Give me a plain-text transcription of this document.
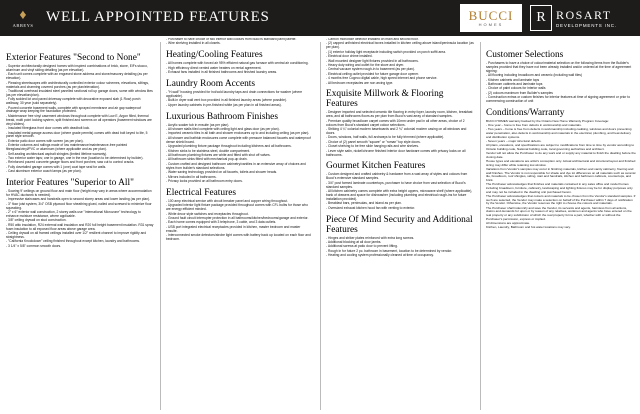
♦
ABBEYS WELL APPOINTED FEATURES	BUCCI
HOMES	R ROSART
DEVELOPMENTS INC.
Exterior Features "Second to None"
- Superior architecturally designed homes with inspired combinations of brick, stone, EIFs stucco, aluminum and vinyl siding detailing (as per elevation).
- Each unit comes complete with an engraved stone address and stone/masonry detailing (as per elevation).
- Pleasing streetscapes with architecturally controlled exterior colour schemes, elevations, siltings, materials and charming covered porches (as per plan/elevation).
- Traditional overhead insulated steel panelled sectional roll up garage doors, some with window lites (as per elevation/plan).
- Fully sodded lot and paved driveway complete with decorative exposed slab (1 Row) porch walkway, 30 year (sold separately).
- Poured concrete basement walls, complete with sprayed membrane and air gap waterproof drainage wrap keeping the foundation protected.
- Maintenance free vinyl casement windows throughout complete with Low E, Argon filled, thermal break, multi point locking system, split finished and screens on all operators (basement windows are vinyl sliders).
- Insulated fibreglass front door comes with deadbolt lock.
- Insulated metal garage access door (where grade permits) comes with dead bolt keyed to lite, 5 panel style smooth.
- Exterior patio door comes with screen (as per plan).
- Exterior columns and railings made of low maintenance/maintenance-free painted fibreglass/vinyl/PVC or aluminum (where applicable and as per plan).
- Self-sealing architectural asphalt shingles (limited lifetime warranty).
- Two exterior water taps; one in garage, one in the rear (location to be determined by builder).
- Reinforced poured concrete garage floors and front porches; saw cut to control cracks.
- Fully dovetailed garage comes with 1 (one) coat tape seal for walls.
- Cast aluminum exterior coach lamps (as per plan).
Interior Features "Superior to All"
- Soaring 9' ceilings on ground floor and main floor (height may vary in areas where accommodation for HVAC ductwork is needed).
- Impressive staircases and handrails open to second storey areas and lower landing (as per plan).
- 3" floor joist system, 3/4" OSB plywood floor sheathing glued, nailed and screwed to minimize floor squeaking.
- 2" x 6" exterior wall construction, 2 storey walls use "International Microzone" technology to enhance moisture resistance, where applicable.
- 3/8" ceiling drywall on stud construction.
- R50 attic insulation, R24 external wall insulation and R20 full height basement insulation. R31 spray foam insulation to all exposed floor areas above garage area.
- Ceiling drywall on all framed ceilings installed over 1/2" resilient channel to improve rigidity and straightness.
- "California Knockdown" ceiling finished throughout except kitchen, laundry and bathrooms.
- 3 1/4" x 5/8" common smooth doors.
- Purchaser to have choice of two interior wall colours from Bucci's standard paint palette.
- Wire shelving installed in all closets.
Heating/Cooling Features
- All homes complete with forced air 95% efficient natural gas furnace with central air conditioning.
- High efficiency direct vented water heaters on rental agreement.
- Exhaust fans installed in all finished bathrooms and finished laundry areas.
Laundry Room Accents
- "H-wall" housing provided for hot/cold laundry taps and drain connections for washer (where applicable).
- Built-in dryer wall vent box provided in all finished laundry areas (where possible).
- Upper laundry cabinets in pre-finished white (as per plan in all finished areas).
Luxurious Bathroom Finishes
- Acrylic soaker tub in ensuite (as per plan).
- All shower stalls tiled complete with ceiling light and glass door (as per plan).
- Imported ceramic tiles in all bath and shower enclosures up to and including ceiling (as per plan).
- All shower and bathtub enclosures come complete with pressure balanced faucets and waterproof dense shield board.
- Upgraded plumbing fixture package throughout including kitchens and all bathrooms.
- Kitchen sinks to be stainless steel, double compartment.
- All bathroom plumbing fixtures are white and fitted with shut off valves.
- All bathroom sinks fitted with mechanical pop-up drain.
- Custom crafted and designed bathroom cabinetry/vanities in an extensive array of choices and styles from builder's standard selections.
- Water saving technology provided on all faucets, toilets and shower heads.
- Mirrors included in all bathrooms.
- Privacy locks provided on all bathroom entry doors.
Electrical Features
- 100 amp electrical service with circuit breaker panel and copper wiring throughout.
- Upgraded interior light fixture package provided throughout comes with CFL bulbs for those who are energy efficient minded.
- White decor style switches and receptacles throughout.
- Ground fault circuit interrupter protection in all bathrooms/kitchen/bedrooms/garage and exterior.
- Each home comes equipped with 3 telephone, 3 cable, and 3 data outlets.
- USB port integrated electrical receptacles provided in kitchen, master bedroom and master ensuite.
- Interconnected smoke detectors/strobe light comes with battery back up located on each floor and bedroom.
- Carbon monoxide detector installed on main and second floor.
- (2) capped unfinished electrical boxes installed in kitchen ceiling above island/peninsula location (as per plan).
- (1) exterior holiday light receptacle including switch provided on porch soffit area.
- Electrical door chime installed.
- Wall mounted designer light fixtures provided in all bathrooms.
- Heavy duty wiring and outlet for the stove and dryer.
- Central vacuum system rough-in to basement (as per plan).
- Electrical ceiling outlet provided for future garage door opener.
- 4 months free Cogeco digital cable, high speed internet and phone service.
- All bedroom receptacles are non arcing type.
Exquisite Millwork & Flooring Features
- Designer imported and selected ceramic tile flooring in entry foyer, laundry room, kitchen, breakfast area, and all bathrooms floors as per plan from Bucci's vast array of standard samples.
- Premium quality broadloom carpet comes with 10mm under pad in all other areas, choice of 2 colours from Bucci's standard carpet colour selections.
- Striking 4 ¼" colonial modern baseboards and 2 ¾" colonial modern casing on all windows and doors.
- Doors, windows, half walls, full archways to be fully trimmed (where applicable).
- Choice of (2) panel smooth "square" or "roman" top style doors.
- Closet shelving to be free slide hanging rails and wire shelves.
- Lever style satin, nickel/chrome finished interior door hardware comes with privacy locks on all bathrooms.
Gourmet Kitchen Features
- Custom designed and crafted cabinetry & hardware from a vast array of styles and colours from Bucci's extensive standard samples.
- 3/4" post formed laminate countertops, purchaser to have choice from vast selection of Bucci's standard samples.
- All kitchen cabinetry comes complete with extra height uppers, microwave shelf (where applicable), bank of drawers and space for dishwasher (including plumbing and electrical rough-ins for future installation provided).
- Breakfast bars, peninsulas, and island as per plan.
- Oversized exhaust kitchen hood fan with venting to exterior.
Piece Of Mind Security and Additional Features
- Hinges and striker plates reinforced with extra long screws.
- Additional blocking at all door jambs.
- Additional screws at patio door to prevent lifting.
- Rough in for future 2 pc. bathroom in basement, location to be determined by vendor.
- Heating and cooling system professionally cleaned at time of occupancy.
Customer Selections
- Purchasers to have a choice of colour/material selection on the following items from the Builder's samples provided that they have not been already installed and/or ordered at the time of agreement signing:
- All flooring including broadloom and ceramic (including wall tiles)
- Kitchen cabinets and laminate tops
- Bathroom cabinets and laminate tops
- Choice of paint colours for interior walls
- (2) colours maximum from Builder's samples
- Construction extras or custom finishes for interior features at time of signing agreement or prior to commencing construction of unit
Conditions/Warranty
BUCCI HOMES warranty backed by the Ontario New Home Warranty Program Coverage:
- One year – home is free from defects in workmanship and materials.
- Two years – home is free from defects in workmanship including caulking, windows and doors preventing water penetration, also defects in workmanship and materials in the electrical, plumbing, and heat delivery and distribution systems.
- Seven years – major structural defects.
All plans, elevations, and specifications are subject to modifications from time to time by vendor according to Ontario building code, National building code, local governing authorities and architect.
Vendor will not allow the Purchaser to do any work and or supply any material to finish the dwelling before the closing date.
House types and elevations are artist's conception only. Actual architectural and structural layout and finished sizing may differ while retaining low window.
Variations from Vendor's samples may occur in finishing materials, kitchen and vanity cabinetry, flooring and wall finishes. The Vendor is not responsible for shade and dye lot differences on all materials such as ceramic tile, broadloom, roof shingles, siding, stair and handrails, kitchen and bathroom cabinets, countertops, and brick.
The Purchaser acknowledges that finishes and materials contained in any sales office and model homes including broadloom, furniture, cabinetry, landscaping and lighting fixtures may be for display purposes only and may not be included in the dwelling unit purchased herein.
The Purchaser acknowledges that colours and materials to be chosen from the Vendor's standard samples. If such are selected, the Vendor may make a selection on behalf of the Purchaser within 7 days of notification by the Vendor. Otherwise, the Vendor reserves the right to choose the colours and materials.
The Purchaser shall indemnify and save the Vendor, its servants and agents, harmless from all actions, claims and demands for upon or by reason of any relatives, workmen and agents who have entered on the real property or any subdivision of which the real property forms a part, whether with or without the Purchaser's permission, express or implied.
All dimensions are approximate.
Kitchen, Laundry, Bathroom and hot water locations may vary.
